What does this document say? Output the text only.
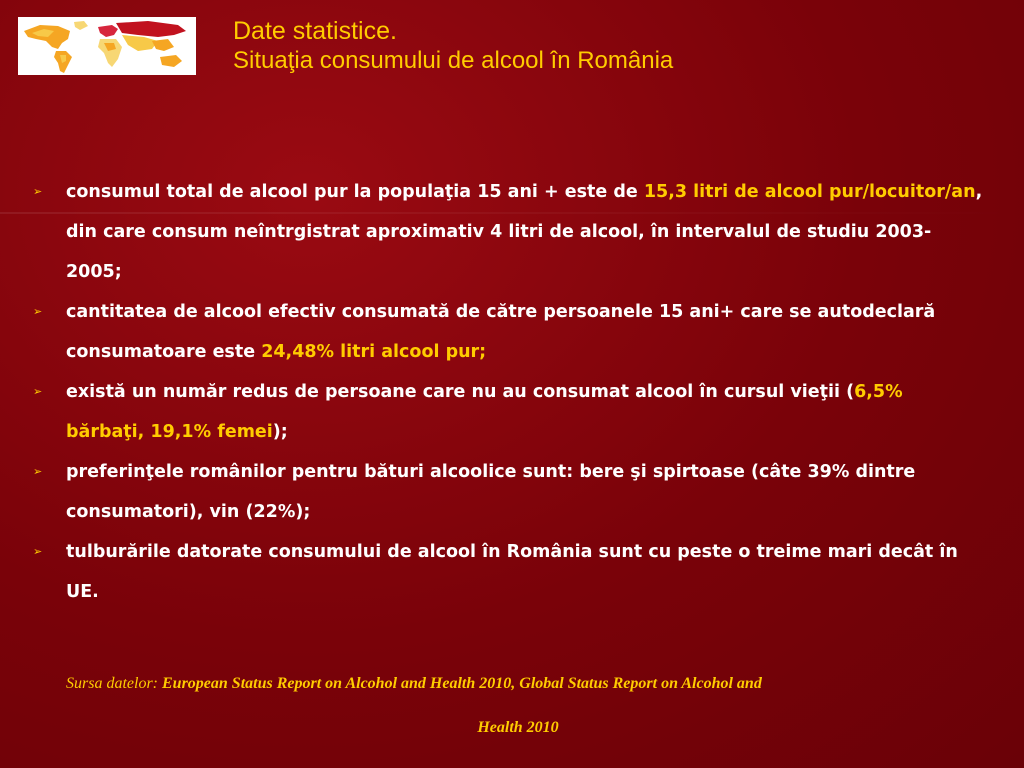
Date statistice.
Situaţia consumului de alcool în România
➢ consumul total de alcool pur la populaţia 15 ani + este de 15,3 litri de alcool pur/locuitor/an, din care consum neîntrgistrat aproximativ 4 litri de alcool, în intervalul de studiu 2003-2005;
➢ cantitatea de alcool efectiv consumată de către persoanele 15 ani+ care se autodeclară consumatoare este 24,48% litri alcool pur;
➢ există un număr redus de persoane care nu au consumat alcool în cursul vieţii (6,5% bărbaţi, 19,1% femei);
➢ preferinţele românilor pentru bături alcoolice sunt: bere şi spirtoase (câte 39% dintre consumatori), vin (22%);
➢ tulburările datorate consumului de alcool în România sunt cu peste o treime mari decât în UE.
Sursa datelor: European Status Report on Alcohol and Health 2010, Global Status Report on Alcohol and
Health 2010
